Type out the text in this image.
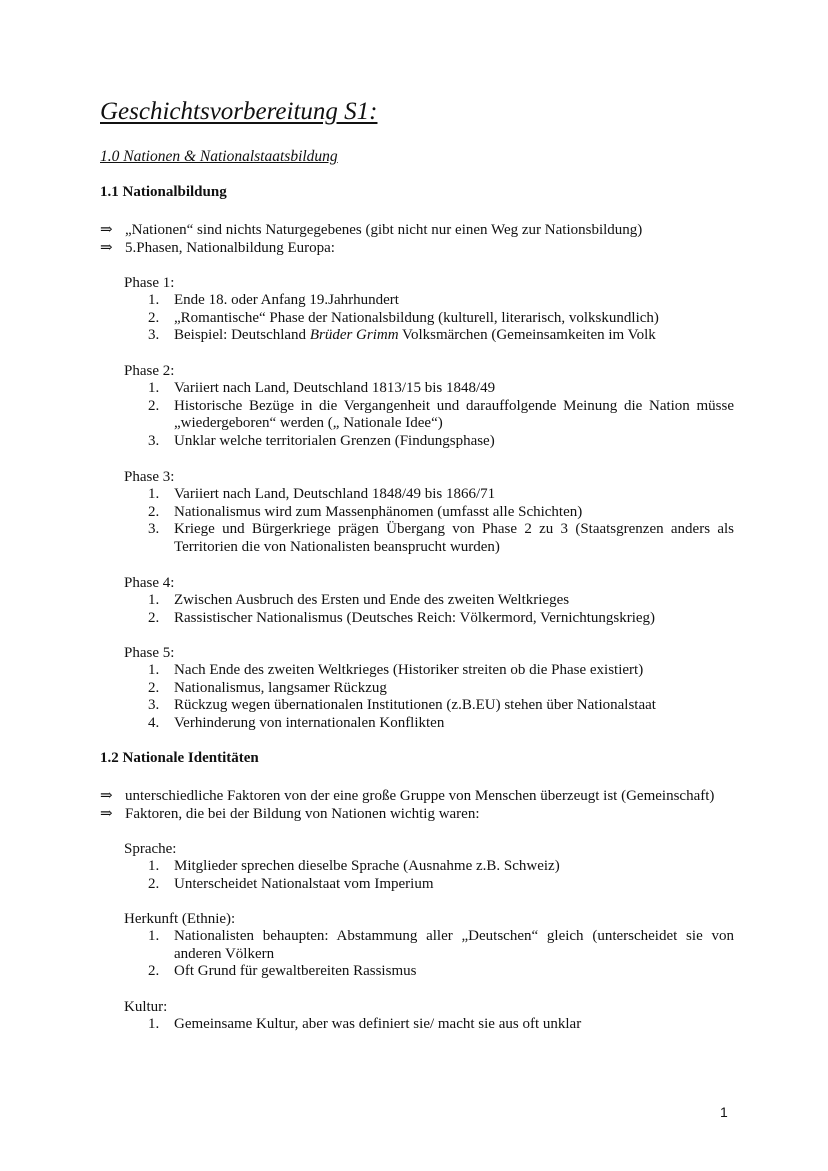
Geschichtsvorbereitung S1:
1.0 Nationen & Nationalstaatsbildung
1.1 Nationalbildung
⇒ „Nationen“ sind nichts Naturgegebenes (gibt nicht nur einen Weg zur Nationsbildung)
⇒ 5.Phasen, Nationalbildung Europa:

Phase 1:

1. Ende 18. oder Anfang 19.Jahrhundert
2. „Romantische“ Phase der Nationalsbildung (kulturell, literarisch, volkskundlich)
3. Beispiel: Deutschland Brüder Grimm Volksmärchen (Gemeinsamkeiten im Volk

Phase 2:

1. Variiert nach Land, Deutschland 1813/15 bis 1848/49
2. Historische Bezüge in die Vergangenheit und darauffolgende Meinung die Nation müsse „wiedergeboren“ werden („ Nationale Idee“)
3. Unklar welche territorialen Grenzen (Findungsphase)

Phase 3:

1. Variiert nach Land, Deutschland 1848/49 bis 1866/71
2. Nationalismus wird zum Massenphänomen (umfasst alle Schichten)
3. Kriege und Bürgerkriege prägen Übergang von Phase 2 zu 3 (Staatsgrenzen anders als Territorien die von Nationalisten beansprucht wurden)

Phase 4:

1. Zwischen Ausbruch des Ersten und Ende des zweiten Weltkrieges
2. Rassistischer Nationalismus (Deutsches Reich: Völkermord, Vernichtungskrieg)

Phase 5:

1. Nach Ende des zweiten Weltkrieges (Historiker streiten ob die Phase existiert)
2. Nationalismus, langsamer Rückzug
3. Rückzug wegen übernationalen Institutionen (z.B.EU) stehen über Nationalstaat
4. Verhinderung von internationalen Konflikten
1.2 Nationale Identitäten
⇒ unterschiedliche Faktoren von der eine große Gruppe von Menschen überzeugt ist (Gemeinschaft)
⇒ Faktoren, die bei der Bildung von Nationen wichtig waren:

Sprache:

1. Mitglieder sprechen dieselbe Sprache (Ausnahme z.B. Schweiz)
2. Unterscheidet Nationalstaat vom Imperium

Herkunft (Ethnie):

1. Nationalisten behaupten: Abstammung aller „Deutschen“ gleich (unterscheidet sie von anderen Völkern
2. Oft Grund für gewaltbereiten Rassismus

Kultur:

1. Gemeinsame Kultur, aber was definiert sie/ macht sie aus oft unklar
1
